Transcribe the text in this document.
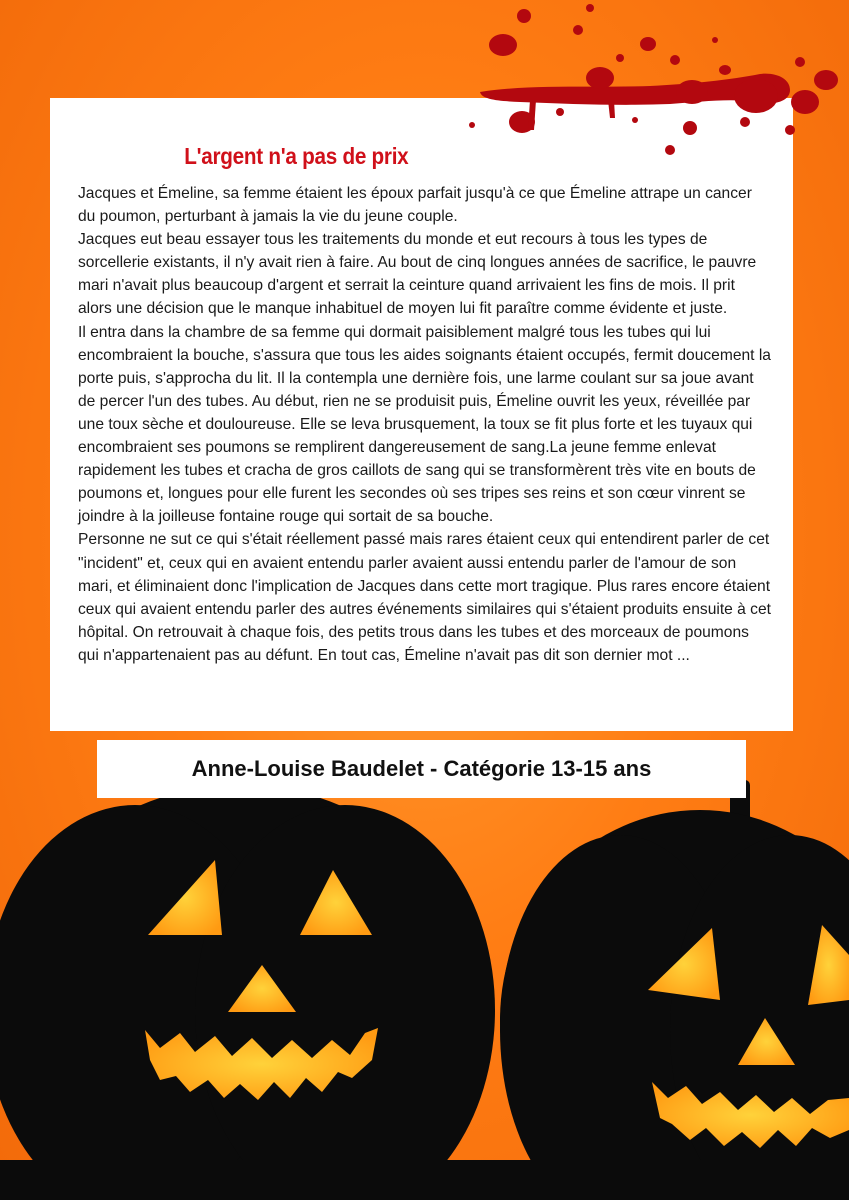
L'argent n'a pas de prix

Jacques et Émeline, sa femme étaient les époux parfait jusqu'à ce que Émeline attrape un cancer du poumon, perturbant à jamais la vie du jeune couple.

Jacques eut beau essayer tous les traitements du monde et eut recours à tous les types de sorcellerie existants, il n'y avait rien à faire. Au bout de cinq longues années de sacrifice, le pauvre mari n'avait plus beaucoup d'argent et serrait la ceinture quand arrivaient les fins de mois. Il prit alors une décision que le manque inhabituel de moyen lui fit paraître comme évidente et juste.

Il entra dans la chambre de sa femme qui dormait paisiblement malgré tous les tubes qui lui encombraient la bouche, s'assura que tous les aides soignants étaient occupés, fermit doucement la porte puis, s'approcha du lit. Il la contempla une dernière fois, une larme coulant sur sa joue avant de percer l'un des tubes. Au début, rien ne se produisit puis, Émeline ouvrit les yeux, réveillée par une toux sèche et douloureuse. Elle se leva brusquement, la toux se fit plus forte et les tuyaux qui encombraient ses poumons se remplirent dangereusement de sang.La jeune femme enlevat rapidement les tubes et cracha de gros caillots de sang qui se transformèrent très vite en bouts de poumons et, longues pour elle furent les secondes où ses tripes ses reins et son cœur vinrent se joindre à la joilleuse fontaine rouge qui sortait de sa bouche.

Personne ne sut ce qui s'était réellement passé mais rares étaient ceux qui entendirent parler de cet "incident" et, ceux qui en avaient entendu parler avaient aussi entendu parler de l'amour de son mari, et éliminaient donc l'implication de Jacques dans cette mort tragique. Plus rares encore étaient ceux qui avaient entendu parler des autres événements similaires qui s'étaient produits ensuite à cet hôpital. On retrouvait à chaque fois, des petits trous dans les tubes et des morceaux de poumons qui n'appartenaient pas au défunt. En tout cas, Émeline n'avait pas dit son dernier mot ...

Anne-Louise Baudelet - Catégorie 13-15 ans
